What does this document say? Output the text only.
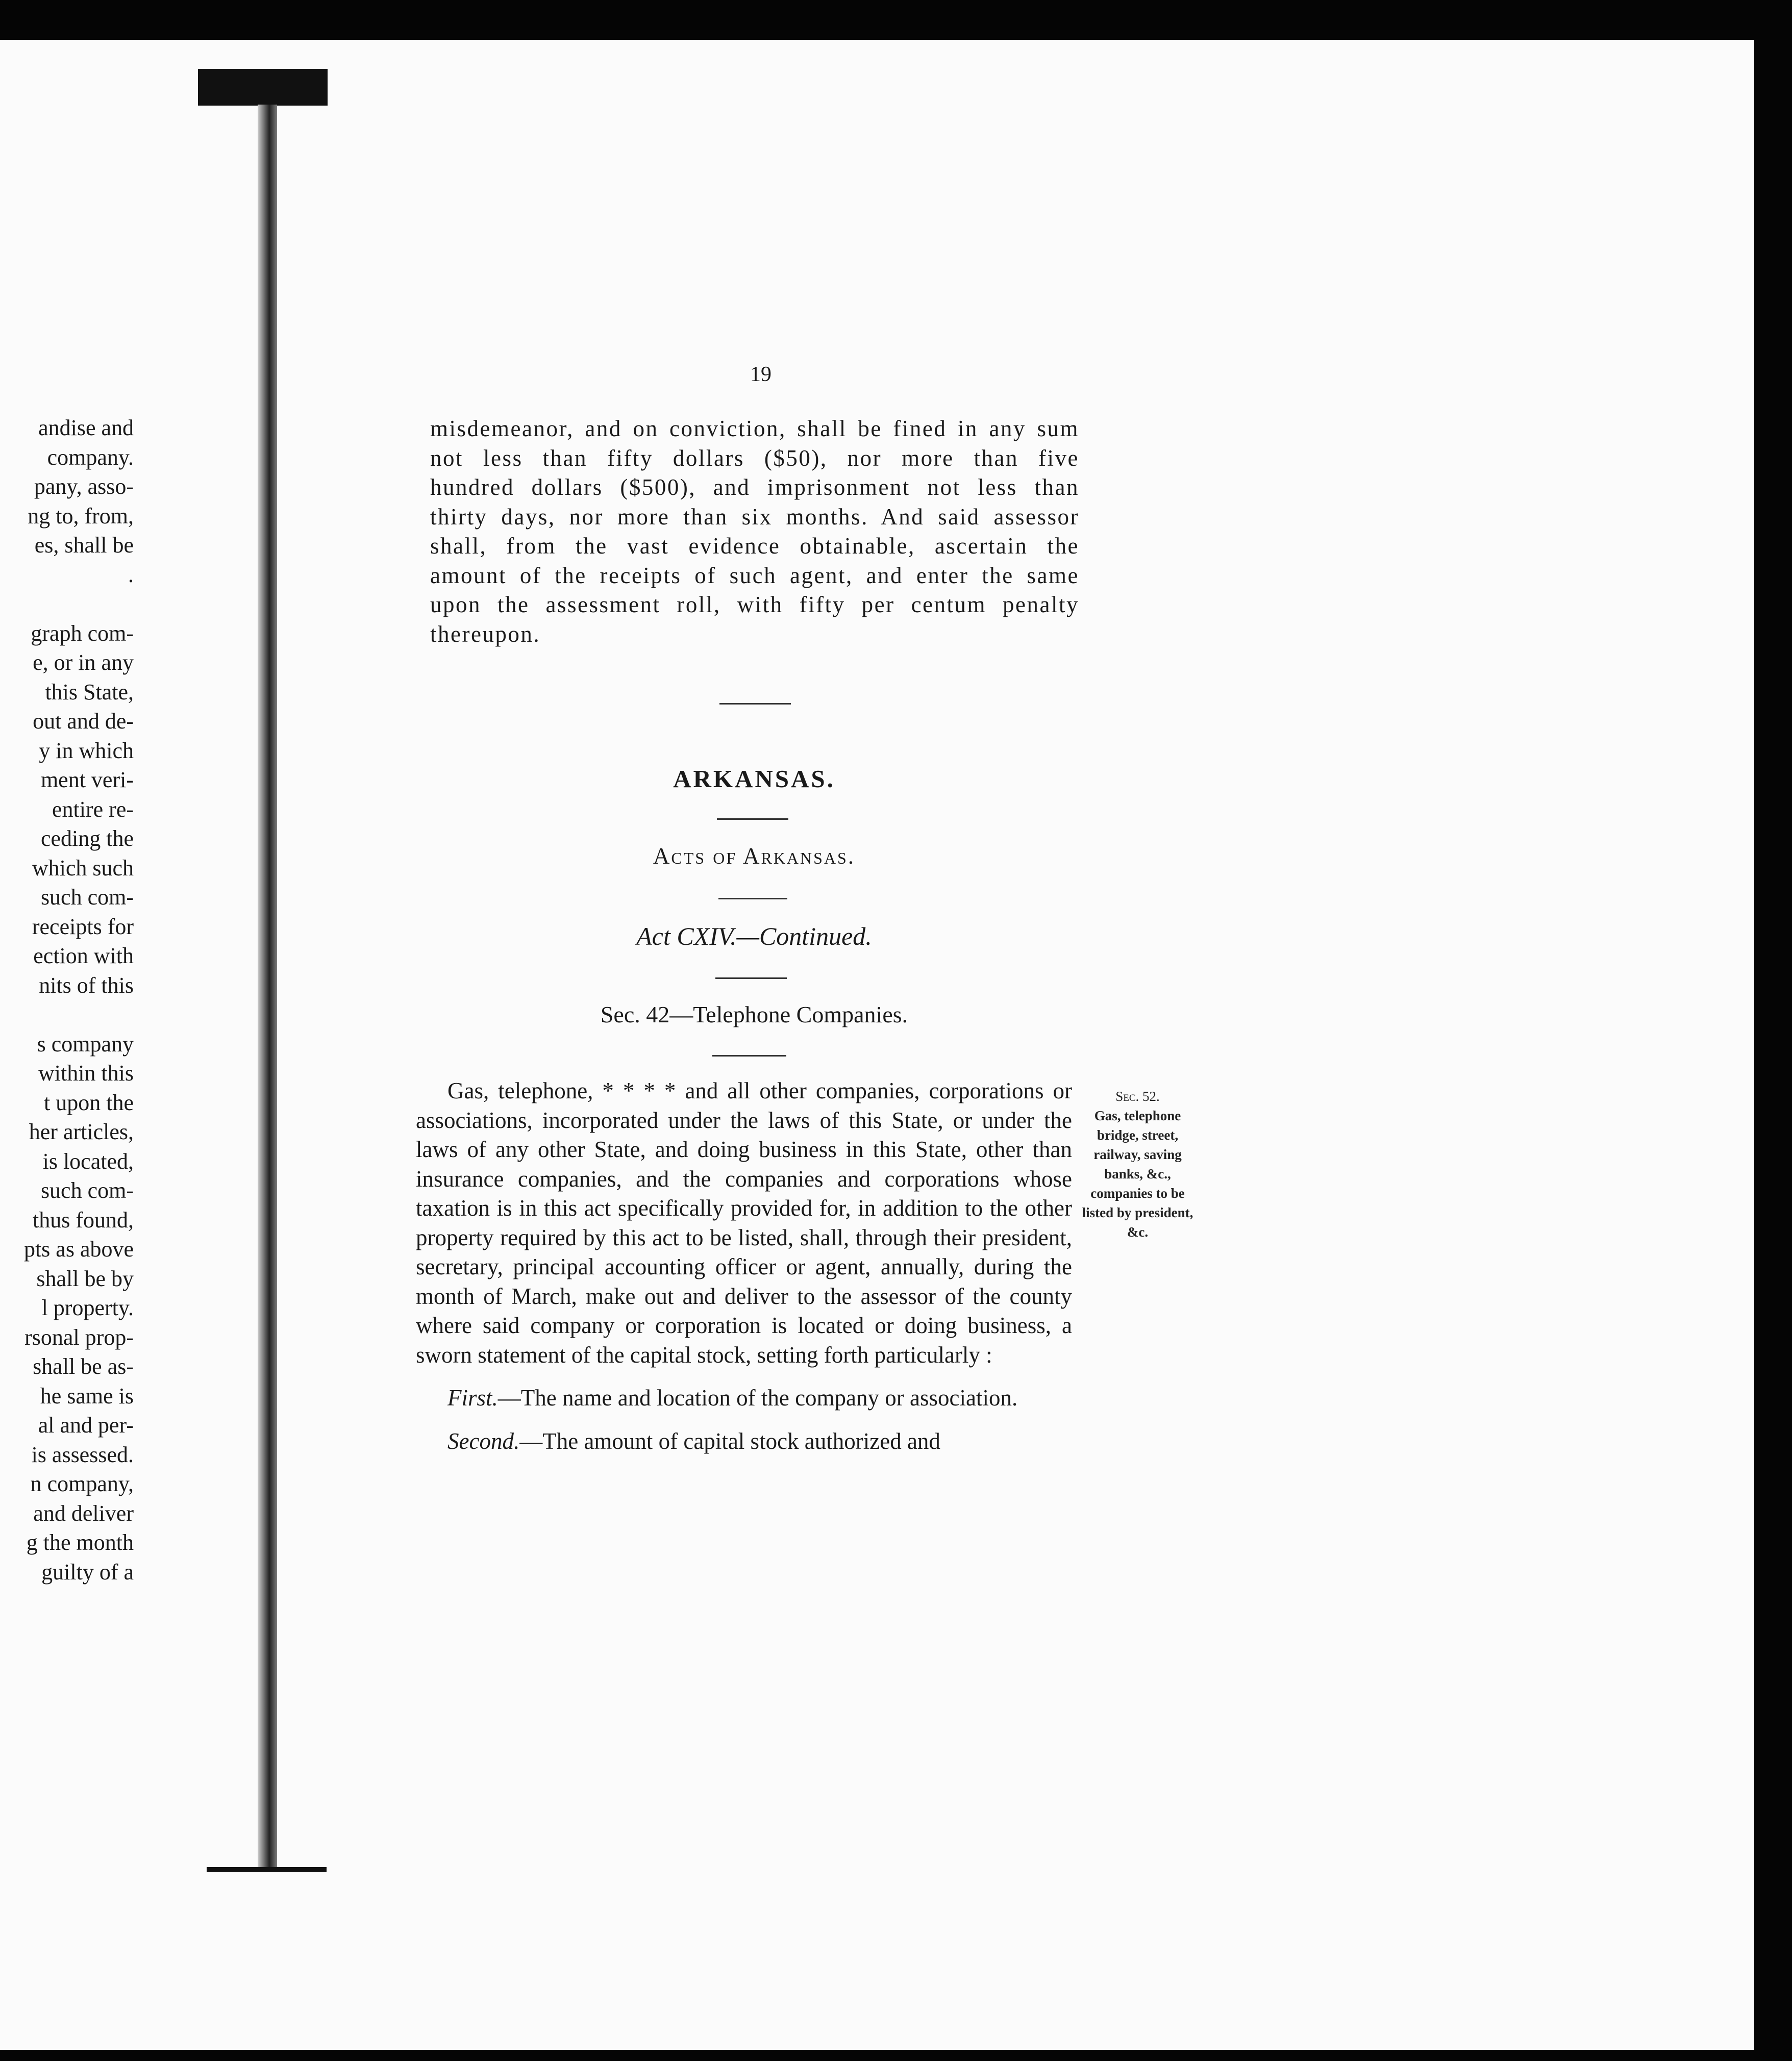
andise and
company.
pany, asso-
ng to, from,
es, shall be
.
graph com-
e, or in any
this State,
out and de-
y in which
ment veri-
entire re-
ceding the
which such
such com-
receipts for
ection with
nits of this
s company
within this
t upon the
her articles,
is located,
such com-
thus found,
pts as above
shall be by
l property.
rsonal prop-
shall be as-
he same is
al and per-
is assessed.
n company,
and deliver
g the month
guilty of a
19

misdemeanor, and on conviction, shall be fined in any sum not less than fifty dollars ($50), nor more than five hundred dollars ($500), and imprisonment not less than thirty days, nor more than six months. And said assessor shall, from the vast evidence obtainable, ascertain the amount of the receipts of such agent, and enter the same upon the assessment roll, with fifty per centum penalty thereupon.

ARKANSAS.
Acts of Arkansas.
Act CXIV.—Continued.
Sec. 42—Telephone Companies.

Gas, telephone, * * * * and all other companies, corporations or associations, incorporated under the laws of this State, or under the laws of any other State, and doing business in this State, other than insurance companies, and the companies and corporations whose taxation is in this act specifically provided for, in addition to the other property required by this act to be listed, shall, through their president, secretary, principal accounting officer or agent, annually, during the month of March, make out and deliver to the assessor of the county where said company or corporation is located or doing business, a sworn statement of the capital stock, setting forth particularly :

First.—The name and location of the company or association.

Second.—The amount of capital stock authorized and

Sec. 52.
Gas, telephone bridge, street, railway, saving banks, &c., companies to be listed by president, &c.
